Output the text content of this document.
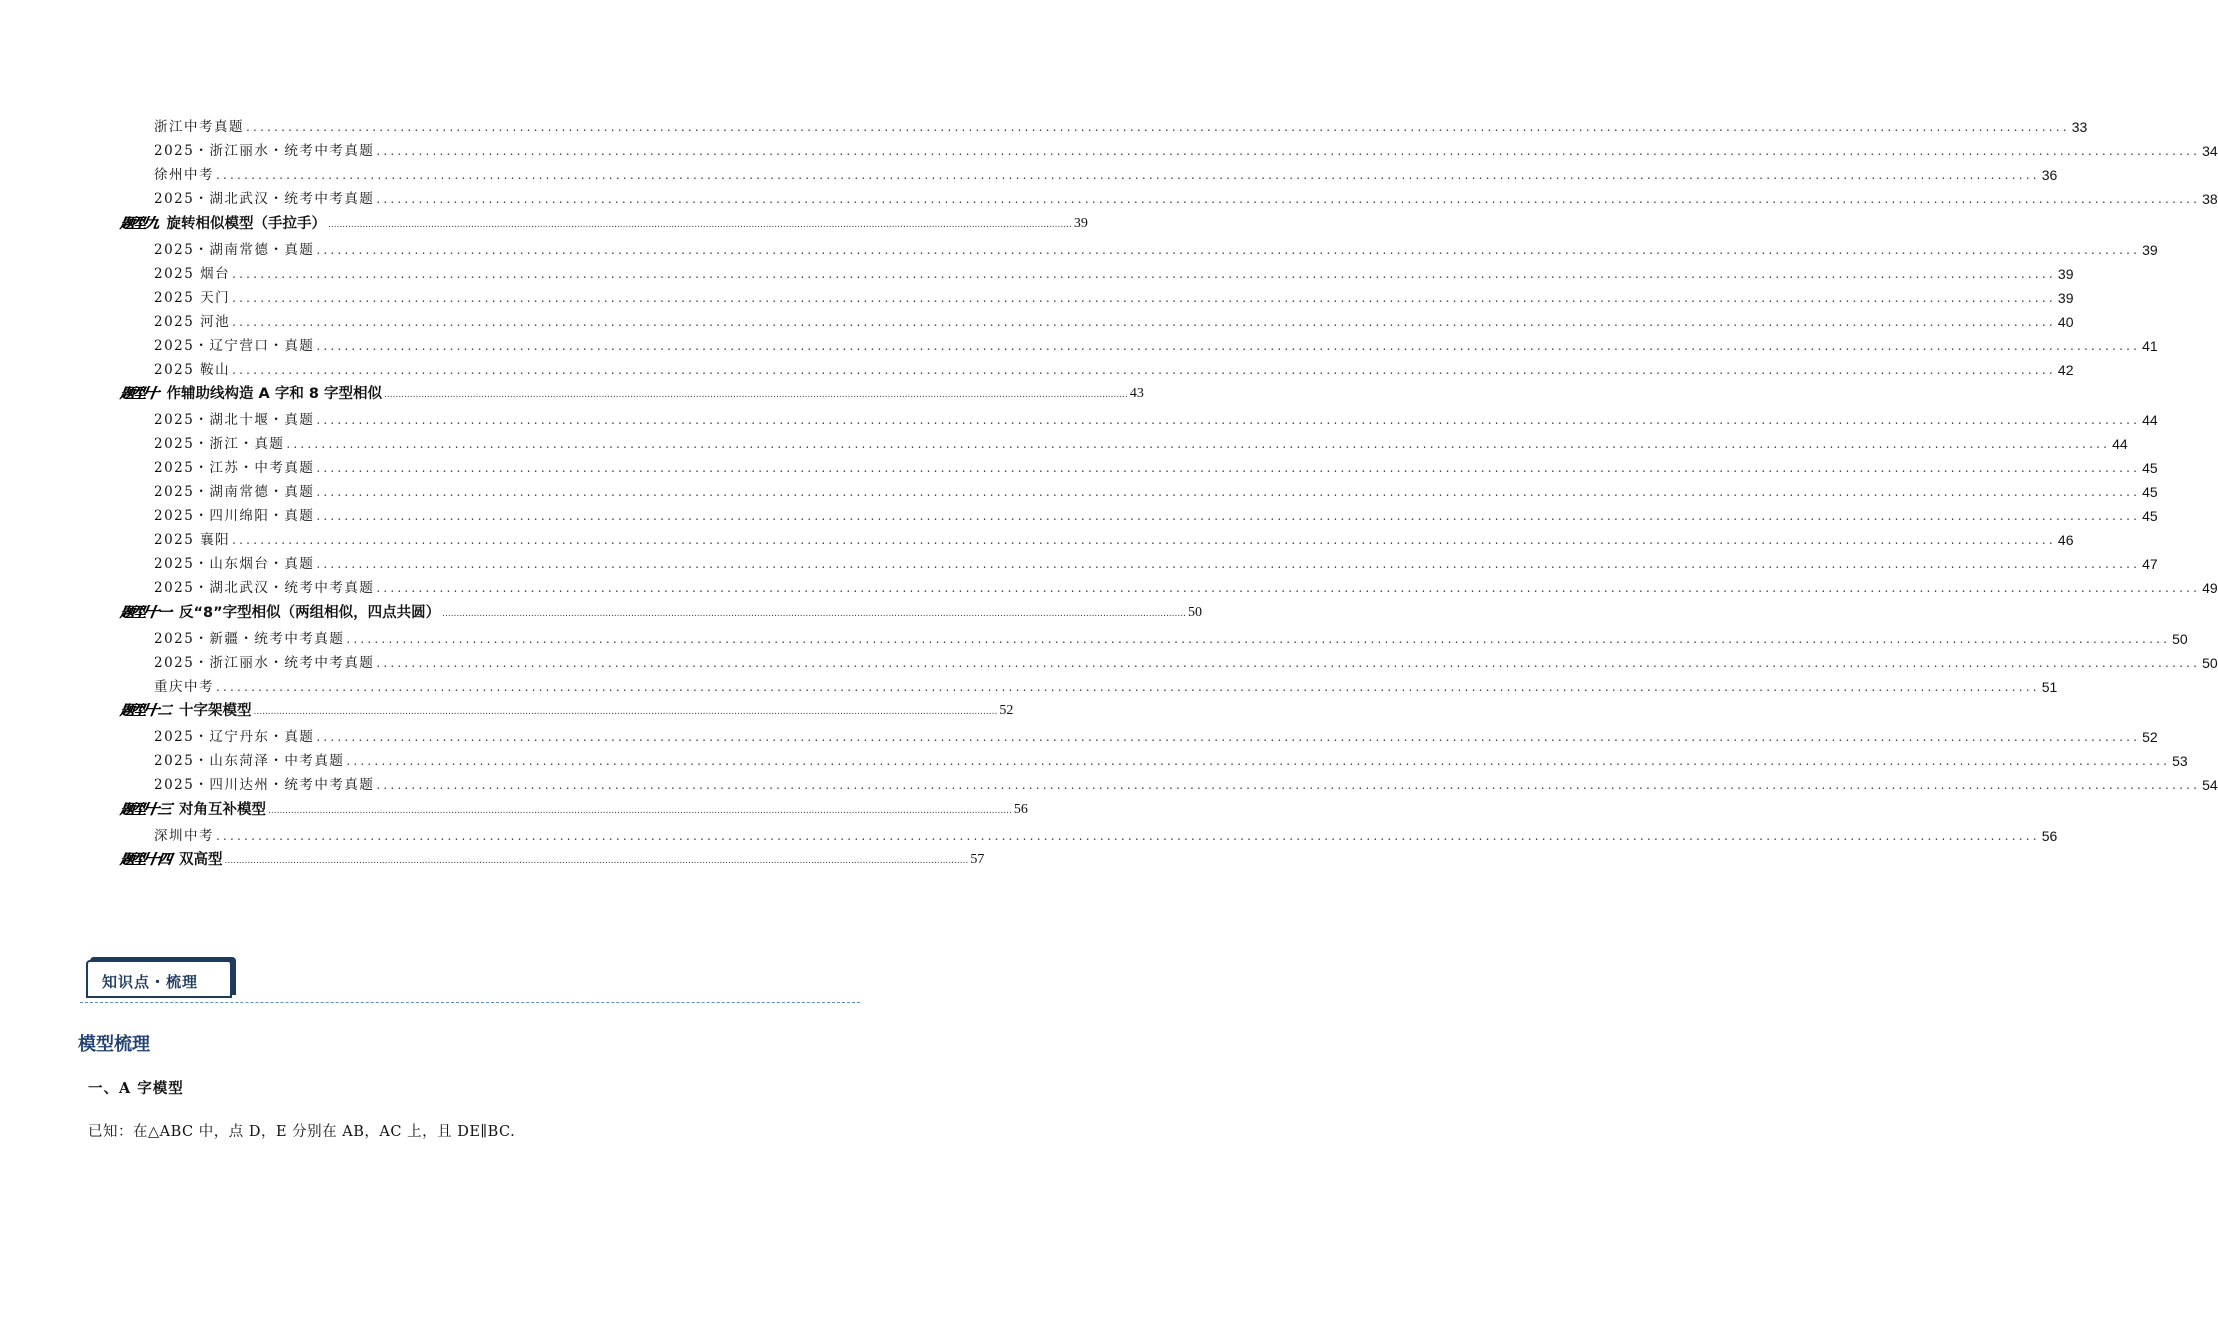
浙江中考真题 .................................................................................................................................................................................................................................................................... 33
2025・浙江丽水・统考中考真题 .................................................................................................................................................................................................................................................................... 34
徐州中考 .................................................................................................................................................................................................................................................................... 36
2025・湖北武汉・统考中考真题 .................................................................................................................................................................................................................................................................... 38
题型九 旋转相似模型（手拉手） .................................................................................................................................................................................................................................................................... 39
2025・湖南常德・真题 .................................................................................................................................................................................................................................................................... 39
2025 烟台 .................................................................................................................................................................................................................................................................... 39
2025 天门 .................................................................................................................................................................................................................................................................... 39
2025 河池 .................................................................................................................................................................................................................................................................... 40
2025・辽宁营口・真题 .................................................................................................................................................................................................................................................................... 41
2025 鞍山 .................................................................................................................................................................................................................................................................... 42
题型十 作辅助线构造 A 字和 8 字型相似 .................................................................................................................................................................................................................................................................... 43
2025・湖北十堰・真题 .................................................................................................................................................................................................................................................................... 44
2025・浙江・真题 .................................................................................................................................................................................................................................................................... 44
2025・江苏・中考真题 .................................................................................................................................................................................................................................................................... 45
2025・湖南常德・真题 .................................................................................................................................................................................................................................................................... 45
2025・四川绵阳・真题 .................................................................................................................................................................................................................................................................... 45
2025 襄阳 .................................................................................................................................................................................................................................................................... 46
2025・山东烟台・真题 .................................................................................................................................................................................................................................................................... 47
2025・湖北武汉・统考中考真题 .................................................................................................................................................................................................................................................................... 49
题型十一 反“8”字型相似（两组相似，四点共圆） .................................................................................................................................................................................................................................................................... 50
2025・新疆・统考中考真题 .................................................................................................................................................................................................................................................................... 50
2025・浙江丽水・统考中考真题 .................................................................................................................................................................................................................................................................... 50
重庆中考 .................................................................................................................................................................................................................................................................... 51
题型十二 十字架模型 .................................................................................................................................................................................................................................................................... 52
2025・辽宁丹东・真题 .................................................................................................................................................................................................................................................................... 52
2025・山东菏泽・中考真题 .................................................................................................................................................................................................................................................................... 53
2025・四川达州・统考中考真题 .................................................................................................................................................................................................................................................................... 54
题型十三 对角互补模型 .................................................................................................................................................................................................................................................................... 56
深圳中考 .................................................................................................................................................................................................................................................................... 56
题型十四 双高型 .................................................................................................................................................................................................................................................................... 57
知识点・梳理
模型梳理
一、A 字模型
已知：在△ABC 中，点 D，E 分别在 AB，AC 上，且 DE∥BC.
